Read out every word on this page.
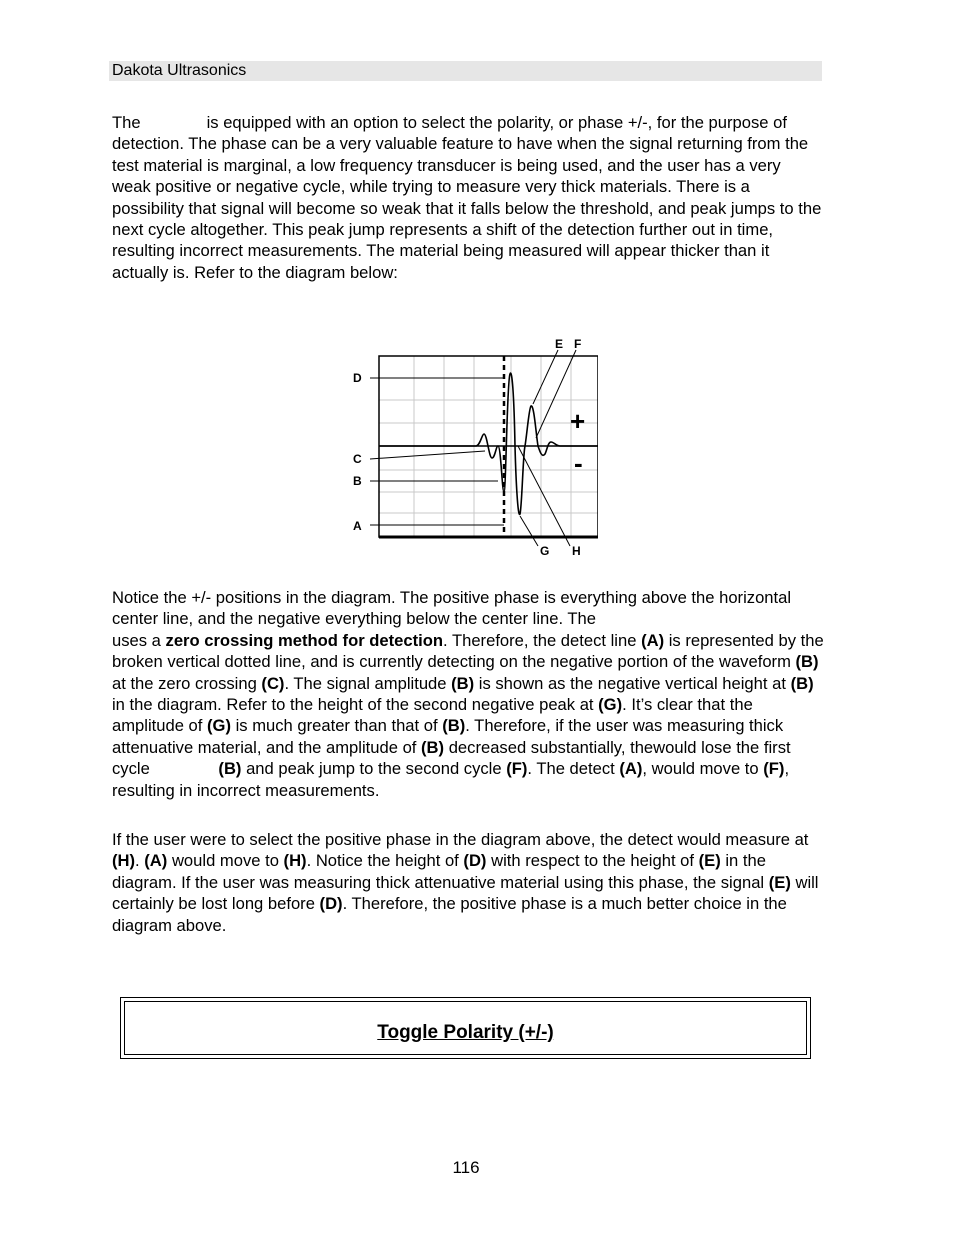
Dakota Ultrasonics

The	is equipped with an option to select the polarity, or phase +/-, for the purpose of detection. The phase can be a very valuable feature to have when the signal returning from the test material is marginal, a low frequency transducer is being used, and the user has a very weak positive or negative cycle, while trying to measure very thick materials. There is a possibility that signal will become so weak that it falls below the threshold, and peak jumps to the next cycle altogether. This peak jump represents a shift of the detection further out in time, resulting incorrect measurements. The material being measured will appear thicker than it actually is. Refer to the diagram below:

D
C
B
A
E F
G H
+
-

Notice the +/- positions in the diagram. The positive phase is everything above the horizontal center line, and the negative everything below the center line. The
uses a zero crossing method for detection. Therefore, the detect line (A) is represented by the broken vertical dotted line, and is currently detecting on the negative portion of the waveform (B) at the zero crossing (C). The signal amplitude (B) is shown as the negative vertical height at (B) in the diagram. Refer to the height of the second negative peak at (G). It’s clear that the amplitude of (G) is much greater than that of (B). Therefore, if the user was measuring thick attenuative material, and the amplitude of (B) decreased substantially, thewould lose the first cycle	(B) and peak jump to the second cycle (F). The detect (A), would move to (F), resulting in incorrect measurements.

If the user were to select the positive phase in the diagram above, the detect would measure at (H). (A) would move to (H). Notice the height of (D) with respect to the height of (E) in the diagram. If the user was measuring thick attenuative material using this phase, the signal (E) will certainly be lost long before (D). Therefore, the positive phase is a much better choice in the diagram above.

Toggle Polarity (+/-)
116
